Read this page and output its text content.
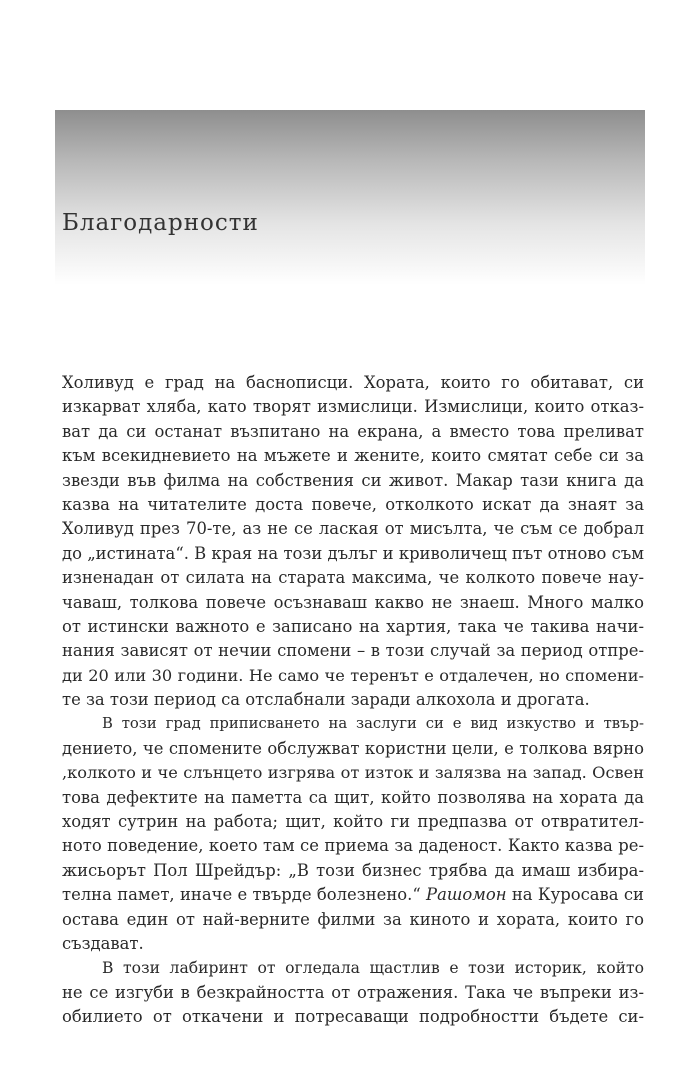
Благодарности
Холивуд е град на баснописци. Хората, които го обитават, си
изкарват хляба, като творят измислици. Измислици, които отказ-
ват да си останат възпитано на екрана, а вместо това преливат
към всекидневието на мъжете и жените, които смятат себе си за
звезди във филма на собствения си живот. Макар тази книга да
казва на читателите доста повече, отколкото искат да знаят за
Холивуд през 70-те, аз не се лаская от мисълта, че съм се добрал
до „истината“. В края на този дълъг и криволичещ път отново съм
изненадан от силата на старата максима, че колкото повече нау-
чаваш, толкова повече осъзнаваш какво не знаеш. Много малко
от истински важното е записано на хартия, така че такива начи-
нания зависят от нечии спомени – в този случай за период отпре-
ди 20 или 30 години. Не само че теренът е отдалечен, но спомени-
те за този период са отслабнали заради алкохола и дрогата.
В този град приписването на заслуги си е вид изкуство и твър-
дението, че спомените обслужват користни цели, е толкова вярно
,колкото и че слънцето изгрява от изток и залязва на запад. Освен
това дефектите на паметта са щит, който позволява на хората да
ходят сутрин на работа; щит, който ги предпазва от отвратител-
ното поведение, което там се приема за даденост. Както казва ре-
жисьорът Пол Шрейдър: „В този бизнес трябва да имаш избира-
телна памет, иначе е твърде болезнено.“ Рашомон на Куросава си
остава един от най-верните филми за киното и хората, които го
създават.
В този лабиринт от огледала щастлив е този историк, който
не се изгуби в безкрайността от отражения. Така че въпреки из-
обилието от откачени и потресаващи подробностти бъдете си-
